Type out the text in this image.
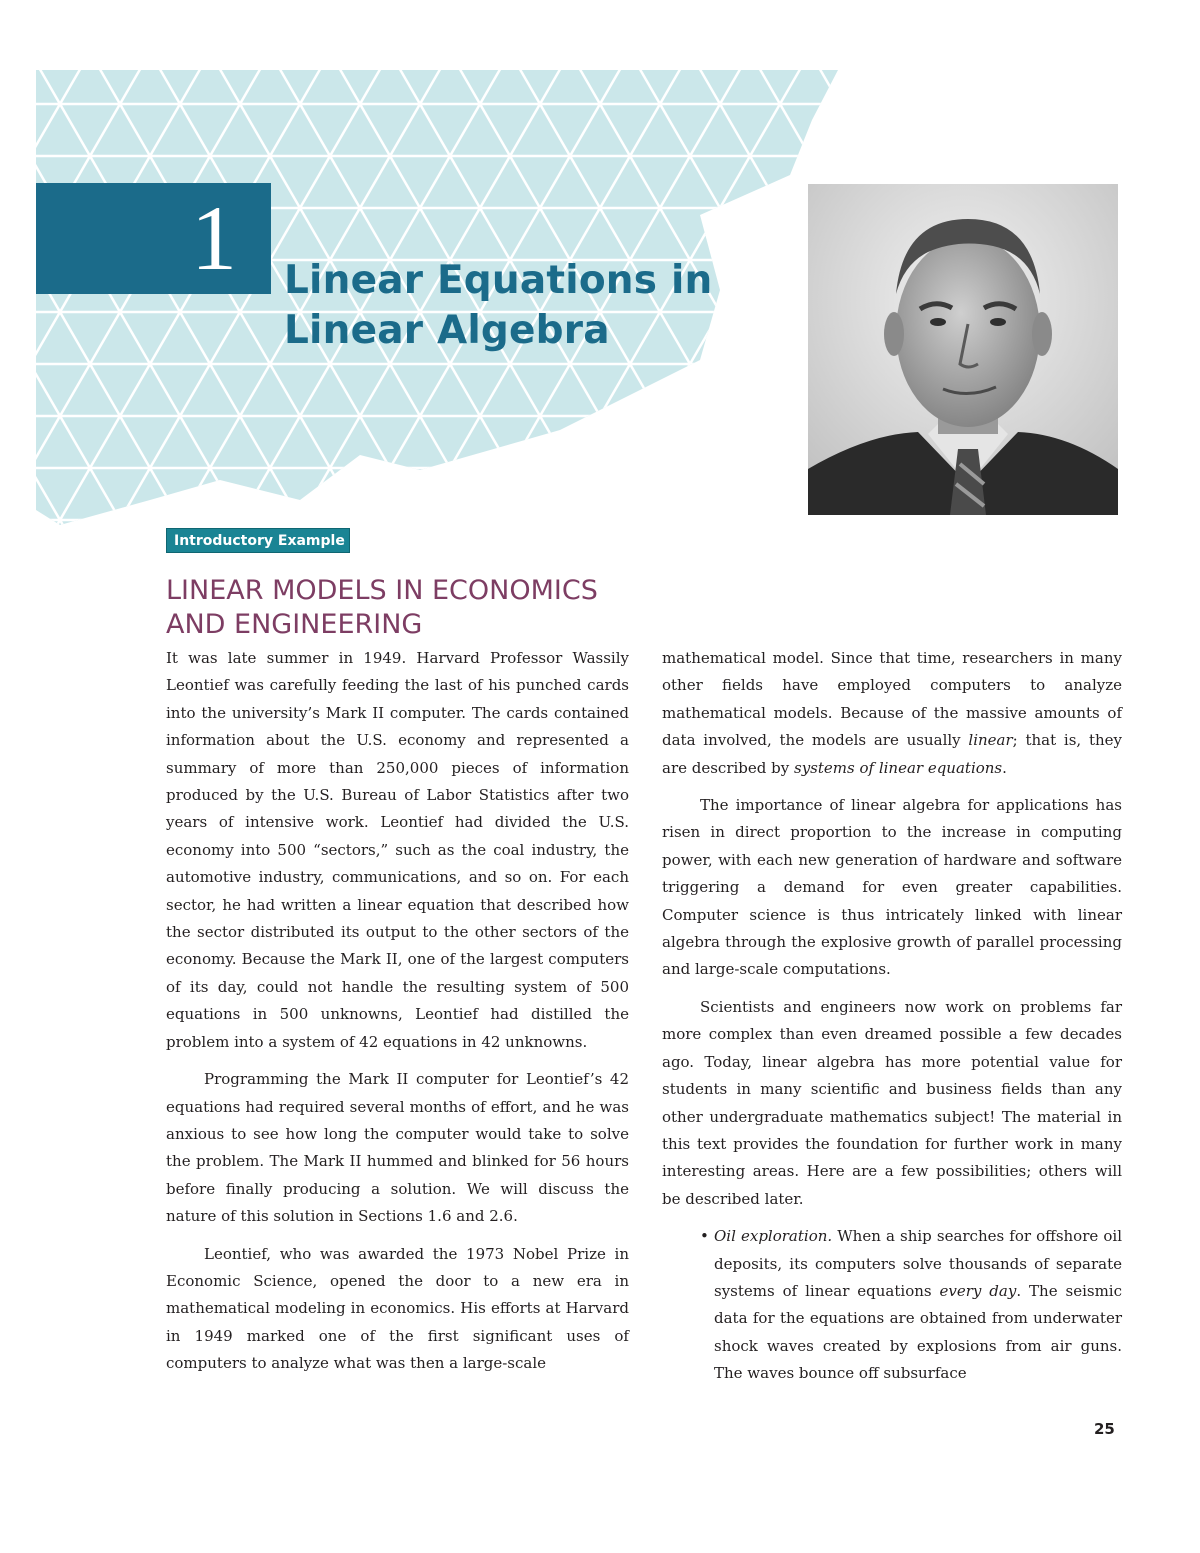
1	Linear Equations in
Linear Algebra
Introductory Example
LINEAR MODELS IN ECONOMICS
AND ENGINEERING

It was late summer in 1949. Harvard Professor Wassily Leontief was carefully feeding the last of his punched cards into the university’s Mark II computer. The cards contained information about the U.S. economy and represented a summary of more than 250,000 pieces of information produced by the U.S. Bureau of Labor Statistics after two years of intensive work. Leontief had divided the U.S. economy into 500 “sectors,” such as the coal industry, the automotive industry, communications, and so on. For each sector, he had written a linear equation that described how the sector distributed its output to the other sectors of the economy. Because the Mark II, one of the largest computers of its day, could not handle the resulting system of 500 equations in 500 unknowns, Leontief had distilled the problem into a system of 42 equations in 42 unknowns.

Programming the Mark II computer for Leontief’s 42 equations had required several months of effort, and he was anxious to see how long the computer would take to solve the problem. The Mark II hummed and blinked for 56 hours before finally producing a solution. We will discuss the nature of this solution in Sections 1.6 and 2.6.

Leontief, who was awarded the 1973 Nobel Prize in Economic Science, opened the door to a new era in mathematical modeling in economics. His efforts at Harvard in 1949 marked one of the first significant uses of computers to analyze what was then a large-scale

mathematical model. Since that time, researchers in many other fields have employed computers to analyze mathematical models. Because of the massive amounts of data involved, the models are usually linear; that is, they are described by systems of linear equations.

The importance of linear algebra for applications has risen in direct proportion to the increase in computing power, with each new generation of hardware and software triggering a demand for even greater capabilities. Computer science is thus intricately linked with linear algebra through the explosive growth of parallel processing and large-scale computations.

Scientists and engineers now work on problems far more complex than even dreamed possible a few decades ago. Today, linear algebra has more potential value for students in many scientific and business fields than any other undergraduate mathematics subject! The material in this text provides the foundation for further work in many interesting areas. Here are a few possibilities; others will be described later.

• Oil exploration. When a ship searches for offshore oil deposits, its computers solve thousands of separate systems of linear equations every day. The seismic data for the equations are obtained from underwater shock waves created by explosions from air guns. The waves bounce off subsurface
25
